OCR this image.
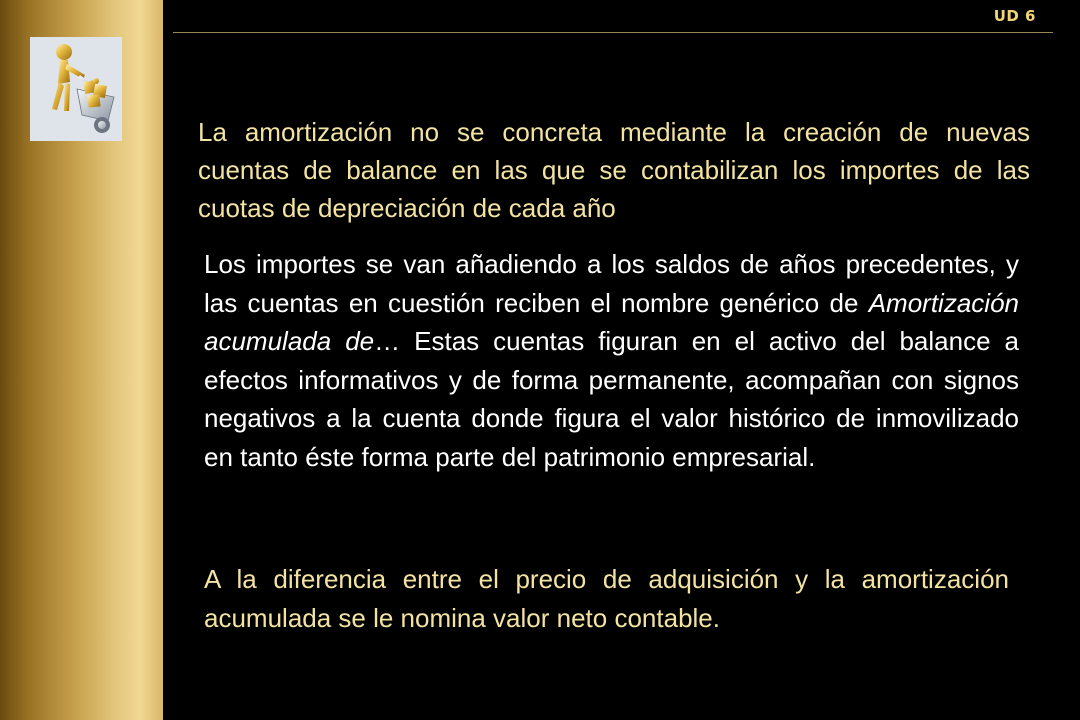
UD 6
La amortización no se concreta mediante la creación de nuevas cuentas de balance en las que se contabilizan los importes de las cuotas de depreciación de cada año
Los importes se van añadiendo a los saldos de años precedentes, y las cuentas en cuestión reciben el nombre genérico de Amortización acumulada de… Estas cuentas figuran en el activo del balance a efectos informativos y de forma permanente, acompañan con signos negativos a la cuenta donde figura el valor histórico de inmovilizado en tanto éste forma parte del patrimonio empresarial.
A la diferencia entre el precio de adquisición y la amortización acumulada se le nomina valor neto contable.
